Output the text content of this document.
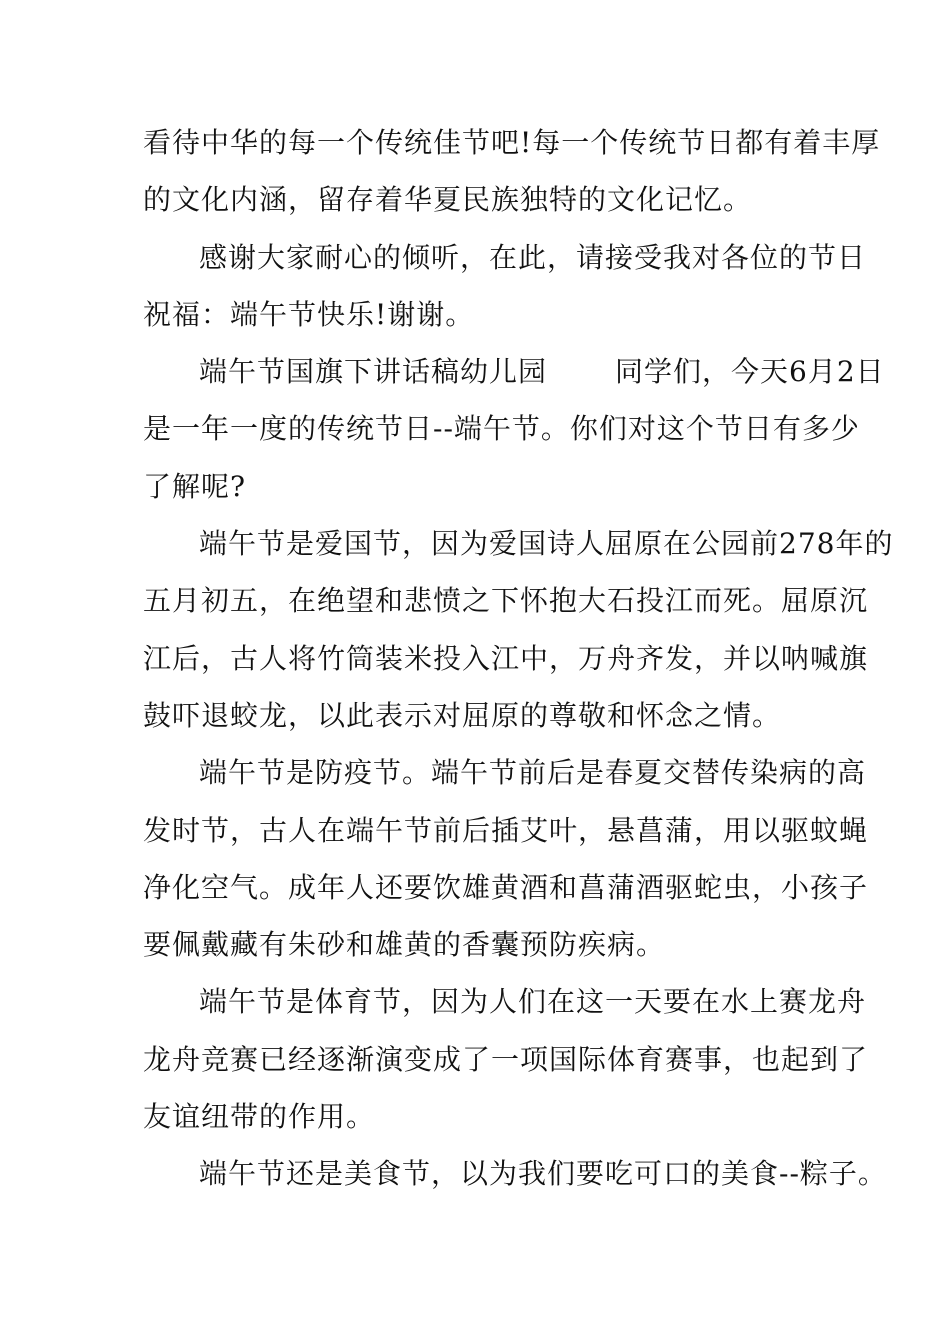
看待中华的每一个传统佳节吧!每一个传统节日都有着丰厚
的文化内涵，留存着华夏民族独特的文化记忆。
感谢大家耐心的倾听，在此，请接受我对各位的节日
祝福：端午节快乐!谢谢。
端午节国旗下讲话稿幼儿园 同学们，今天6月2日
是一年一度的传统节日--端午节。你们对这个节日有多少
了解呢?
端午节是爱国节，因为爱国诗人屈原在公园前278年的
五月初五，在绝望和悲愤之下怀抱大石投江而死。屈原沉
江后，古人将竹筒装米投入江中，万舟齐发，并以呐喊旗
鼓吓退蛟龙，以此表示对屈原的尊敬和怀念之情。
端午节是防疫节。端午节前后是春夏交替传染病的高
发时节，古人在端午节前后插艾叶，悬菖蒲，用以驱蚊蝇
净化空气。成年人还要饮雄黄酒和菖蒲酒驱蛇虫，小孩子
要佩戴藏有朱砂和雄黄的香囊预防疾病。
端午节是体育节，因为人们在这一天要在水上赛龙舟
龙舟竞赛已经逐渐演变成了一项国际体育赛事，也起到了
友谊纽带的作用。
端午节还是美食节，以为我们要吃可口的美食--粽子。
